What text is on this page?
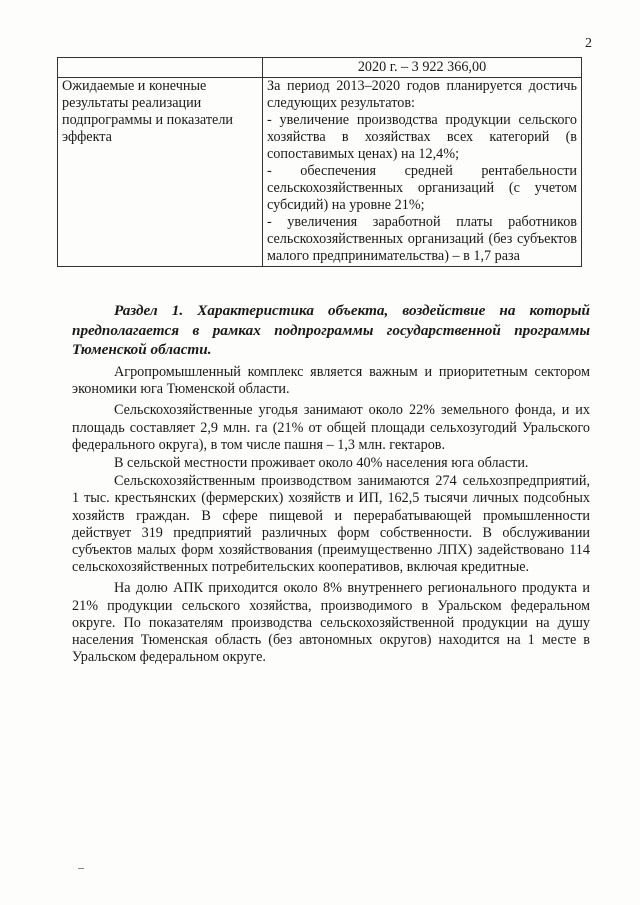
2
	2020 г. – 3 922 366,00
Ожидаемые и конечные результаты реализации подпрограммы и показатели эффекта	За период 2013–2020 годов планируется достичь следующих результатов:

- увеличение производства продукции сельского хозяйства в хозяйствах всех категорий (в сопоставимых ценах) на 12,4%;

- обеспечения средней рентабельности сельскохозяйственных организаций (с учетом субсидий) на уровне 21%;

- увеличения заработной платы работников сельскохозяйственных организаций (без субъектов малого предпринимательства) – в 1,7 раза

Раздел 1. Характеристика объекта, воздействие на который предполагается в рамках подпрограммы государственной программы Тюменской области.

Агропромышленный комплекс является важным и приоритетным сектором экономики юга Тюменской области.

Сельскохозяйственные угодья занимают около 22% земельного фонда, и их площадь составляет 2,9 млн. га (21% от общей площади сельхозугодий Уральского федерального округа), в том числе пашня – 1,3 млн. гектаров.

В сельской местности проживает около 40% населения юга области.

Сельскохозяйственным производством занимаются 274 сельхозпредприятий, 1 тыс. крестьянских (фермерских) хозяйств и ИП, 162,5 тысячи личных подсобных хозяйств граждан. В сфере пищевой и перерабатывающей промышленности действует 319 предприятий различных форм собственности. В обслуживании субъектов малых форм хозяйствования (преимущественно ЛПХ) задействовано 114 сельскохозяйственных потребительских кооперативов, включая кредитные.

На долю АПК приходится около 8% внутреннего регионального продукта и 21% продукции сельского хозяйства, производимого в Уральском федеральном округе. По показателям производства сельскохозяйственной продукции на душу населения Тюменская область (без автономных округов) находится на 1 месте в Уральском федеральном округе.
